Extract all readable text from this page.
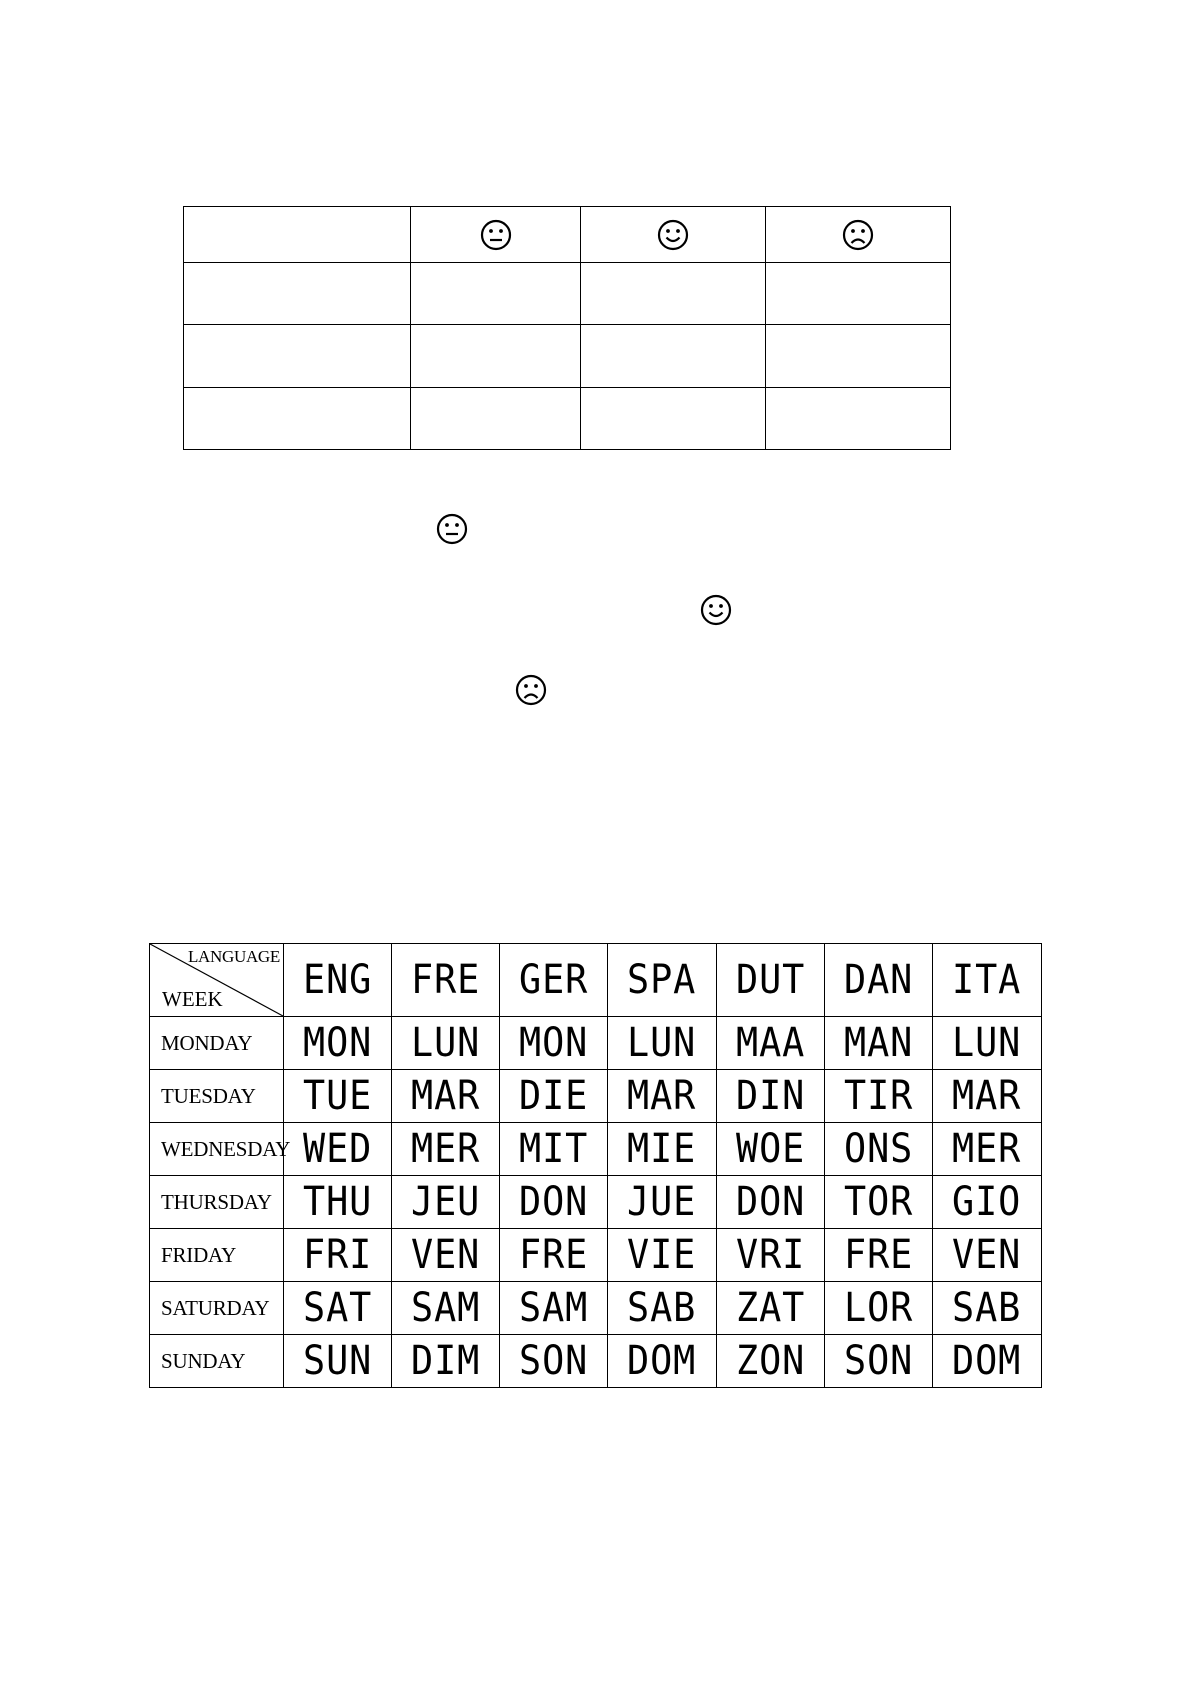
LANGUAGE
WEEK	ENG	FRE	GER	SPA	DUT	DAN	ITA

MONDAY	MON	LUN	MON	LUN	MAA	MAN	LUN

TUESDAY	TUE	MAR	DIE	MAR	DIN	TIR	MAR

WEDNESDAY	WED	MER	MIT	MIE	WOE	ONS	MER

THURSDAY	THU	JEU	DON	JUE	DON	TOR	GIO

FRIDAY	FRI	VEN	FRE	VIE	VRI	FRE	VEN

SATURDAY	SAT	SAM	SAM	SAB	ZAT	LOR	SAB

SUNDAY	SUN	DIM	SON	DOM	ZON	SON	DOM
